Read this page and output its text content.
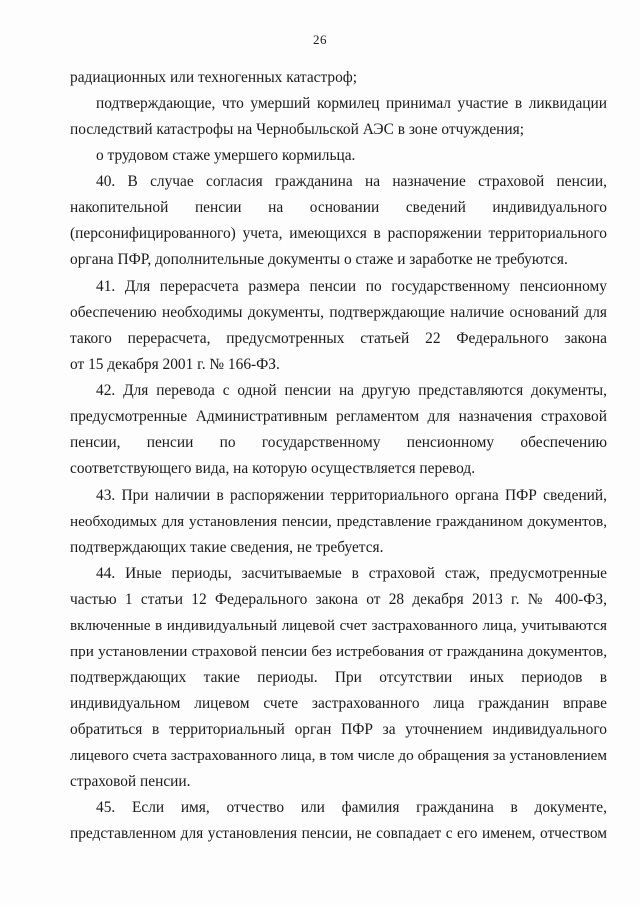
26
радиационных или техногенных катастроф;
подтверждающие, что умерший кормилец принимал участие в ликвидации
последствий катастрофы на Чернобыльской АЭС в зоне отчуждения;
о трудовом стаже умершего кормильца.
40. В случае согласия гражданина на назначение страховой пенсии,
накопительной пенсии на основании сведений индивидуального
(персонифицированного) учета, имеющихся в распоряжении территориального
органа ПФР, дополнительные документы о стаже и заработке не требуются.
41. Для перерасчета размера пенсии по государственному пенсионному
обеспечению необходимы документы, подтверждающие наличие оснований для
такого перерасчета, предусмотренных статьей 22 Федерального закона
от 15 декабря 2001 г. № 166-ФЗ.
42. Для перевода с одной пенсии на другую представляются документы,
предусмотренные Административным регламентом для назначения страховой
пенсии, пенсии по государственному пенсионному обеспечению
соответствующего вида, на которую осуществляется перевод.
43. При наличии в распоряжении территориального органа ПФР сведений,
необходимых для установления пенсии, представление гражданином документов,
подтверждающих такие сведения, не требуется.
44. Иные периоды, засчитываемые в страховой стаж, предусмотренные
частью 1 статьи 12 Федерального закона от 28 декабря 2013 г. № 400-ФЗ,
включенные в индивидуальный лицевой счет застрахованного лица, учитываются
при установлении страховой пенсии без истребования от гражданина документов,
подтверждающих такие периоды. При отсутствии иных периодов в
индивидуальном лицевом счете застрахованного лица гражданин вправе
обратиться в территориальный орган ПФР за уточнением индивидуального
лицевого счета застрахованного лица, в том числе до обращения за установлением
страховой пенсии.
45. Если имя, отчество или фамилия гражданина в документе,
представленном для установления пенсии, не совпадает с его именем, отчеством
